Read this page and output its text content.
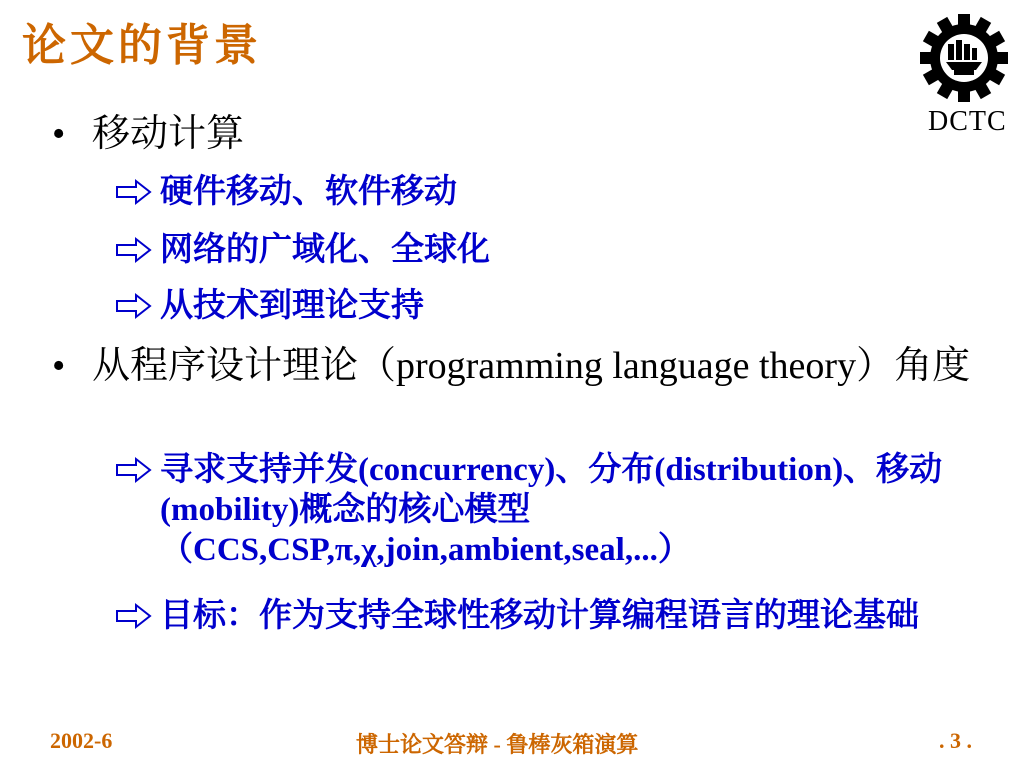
论文的背景
DCTC
• 移动计算
硬件移动、软件移动
网络的广域化、全球化
从技术到理论支持
• 从程序设计理论（programming language theory）角度
寻求支持并发(concurrency)、分布(distribution)、移动(mobility)概念的核心模型（CCS,CSP,π,χ,join,ambient,seal,...）
目标：作为支持全球性移动计算编程语言的理论基础
2002-6	博士论文答辩 - 鲁棒灰箱演算	. 3 .
